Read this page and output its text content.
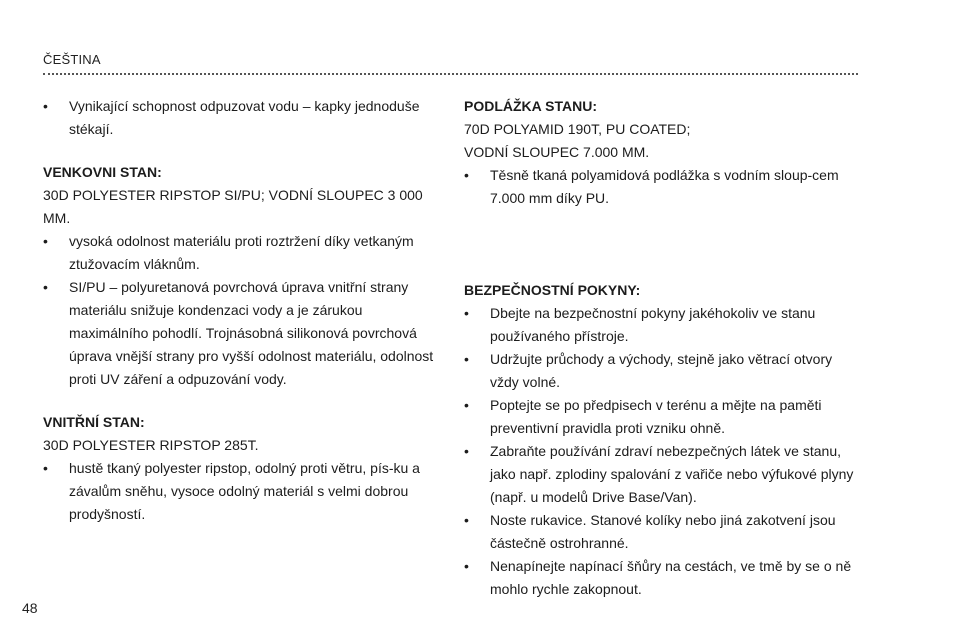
ČEŠTINA

• Vynikající schopnost odpuzovat vodu – kapky jednoduše stékají.

VENKOVNI STAN:

30D POLYESTER RIPSTOP SI/PU; VODNÍ SLOUPEC 3 000 MM.

• vysoká odolnost materiálu proti roztržení díky vetkaným ztužovacím vláknům.

• SI/PU – polyuretanová povrchová úprava vnitřní strany materiálu snižuje kondenzaci vody a je zárukou maximálního pohodlí. Trojnásobná silikonová povrchová úprava vnější strany pro vyšší odolnost materiálu, odolnost proti UV záření a odpuzování vody.

VNITŘNÍ STAN:

30D POLYESTER RIPSTOP 285T.

• hustě tkaný polyester ripstop, odolný proti větru, pís-ku a závalům sněhu, vysoce odolný materiál s velmi dobrou prodyšností.

PODLÁŽKA STANU:

70D POLYAMID 190T, PU COATED;

VODNÍ SLOUPEC 7.000 MM.

• Těsně tkaná polyamidová podlážka s vodním sloup-cem 7.000 mm díky PU.

BEZPEČNOSTNÍ POKYNY:

• Dbejte na bezpečnostní pokyny jakéhokoliv ve stanu používaného přístroje.

• Udržujte průchody a východy, stejně jako větrací otvory vždy volné.

• Poptejte se po předpisech v terénu a mějte na paměti preventivní pravidla proti vzniku ohně.

• Zabraňte používání zdraví nebezpečných látek ve stanu, jako např. zplodiny spalování z vařiče nebo výfukové plyny (např. u modelů Drive Base/Van).

• Noste rukavice. Stanové kolíky nebo jiná zakotvení jsou částečně ostrohranné.

• Nenapínejte napínací šňůry na cestách, ve tmě by se o ně mohlo rychle zakopnout.

48
